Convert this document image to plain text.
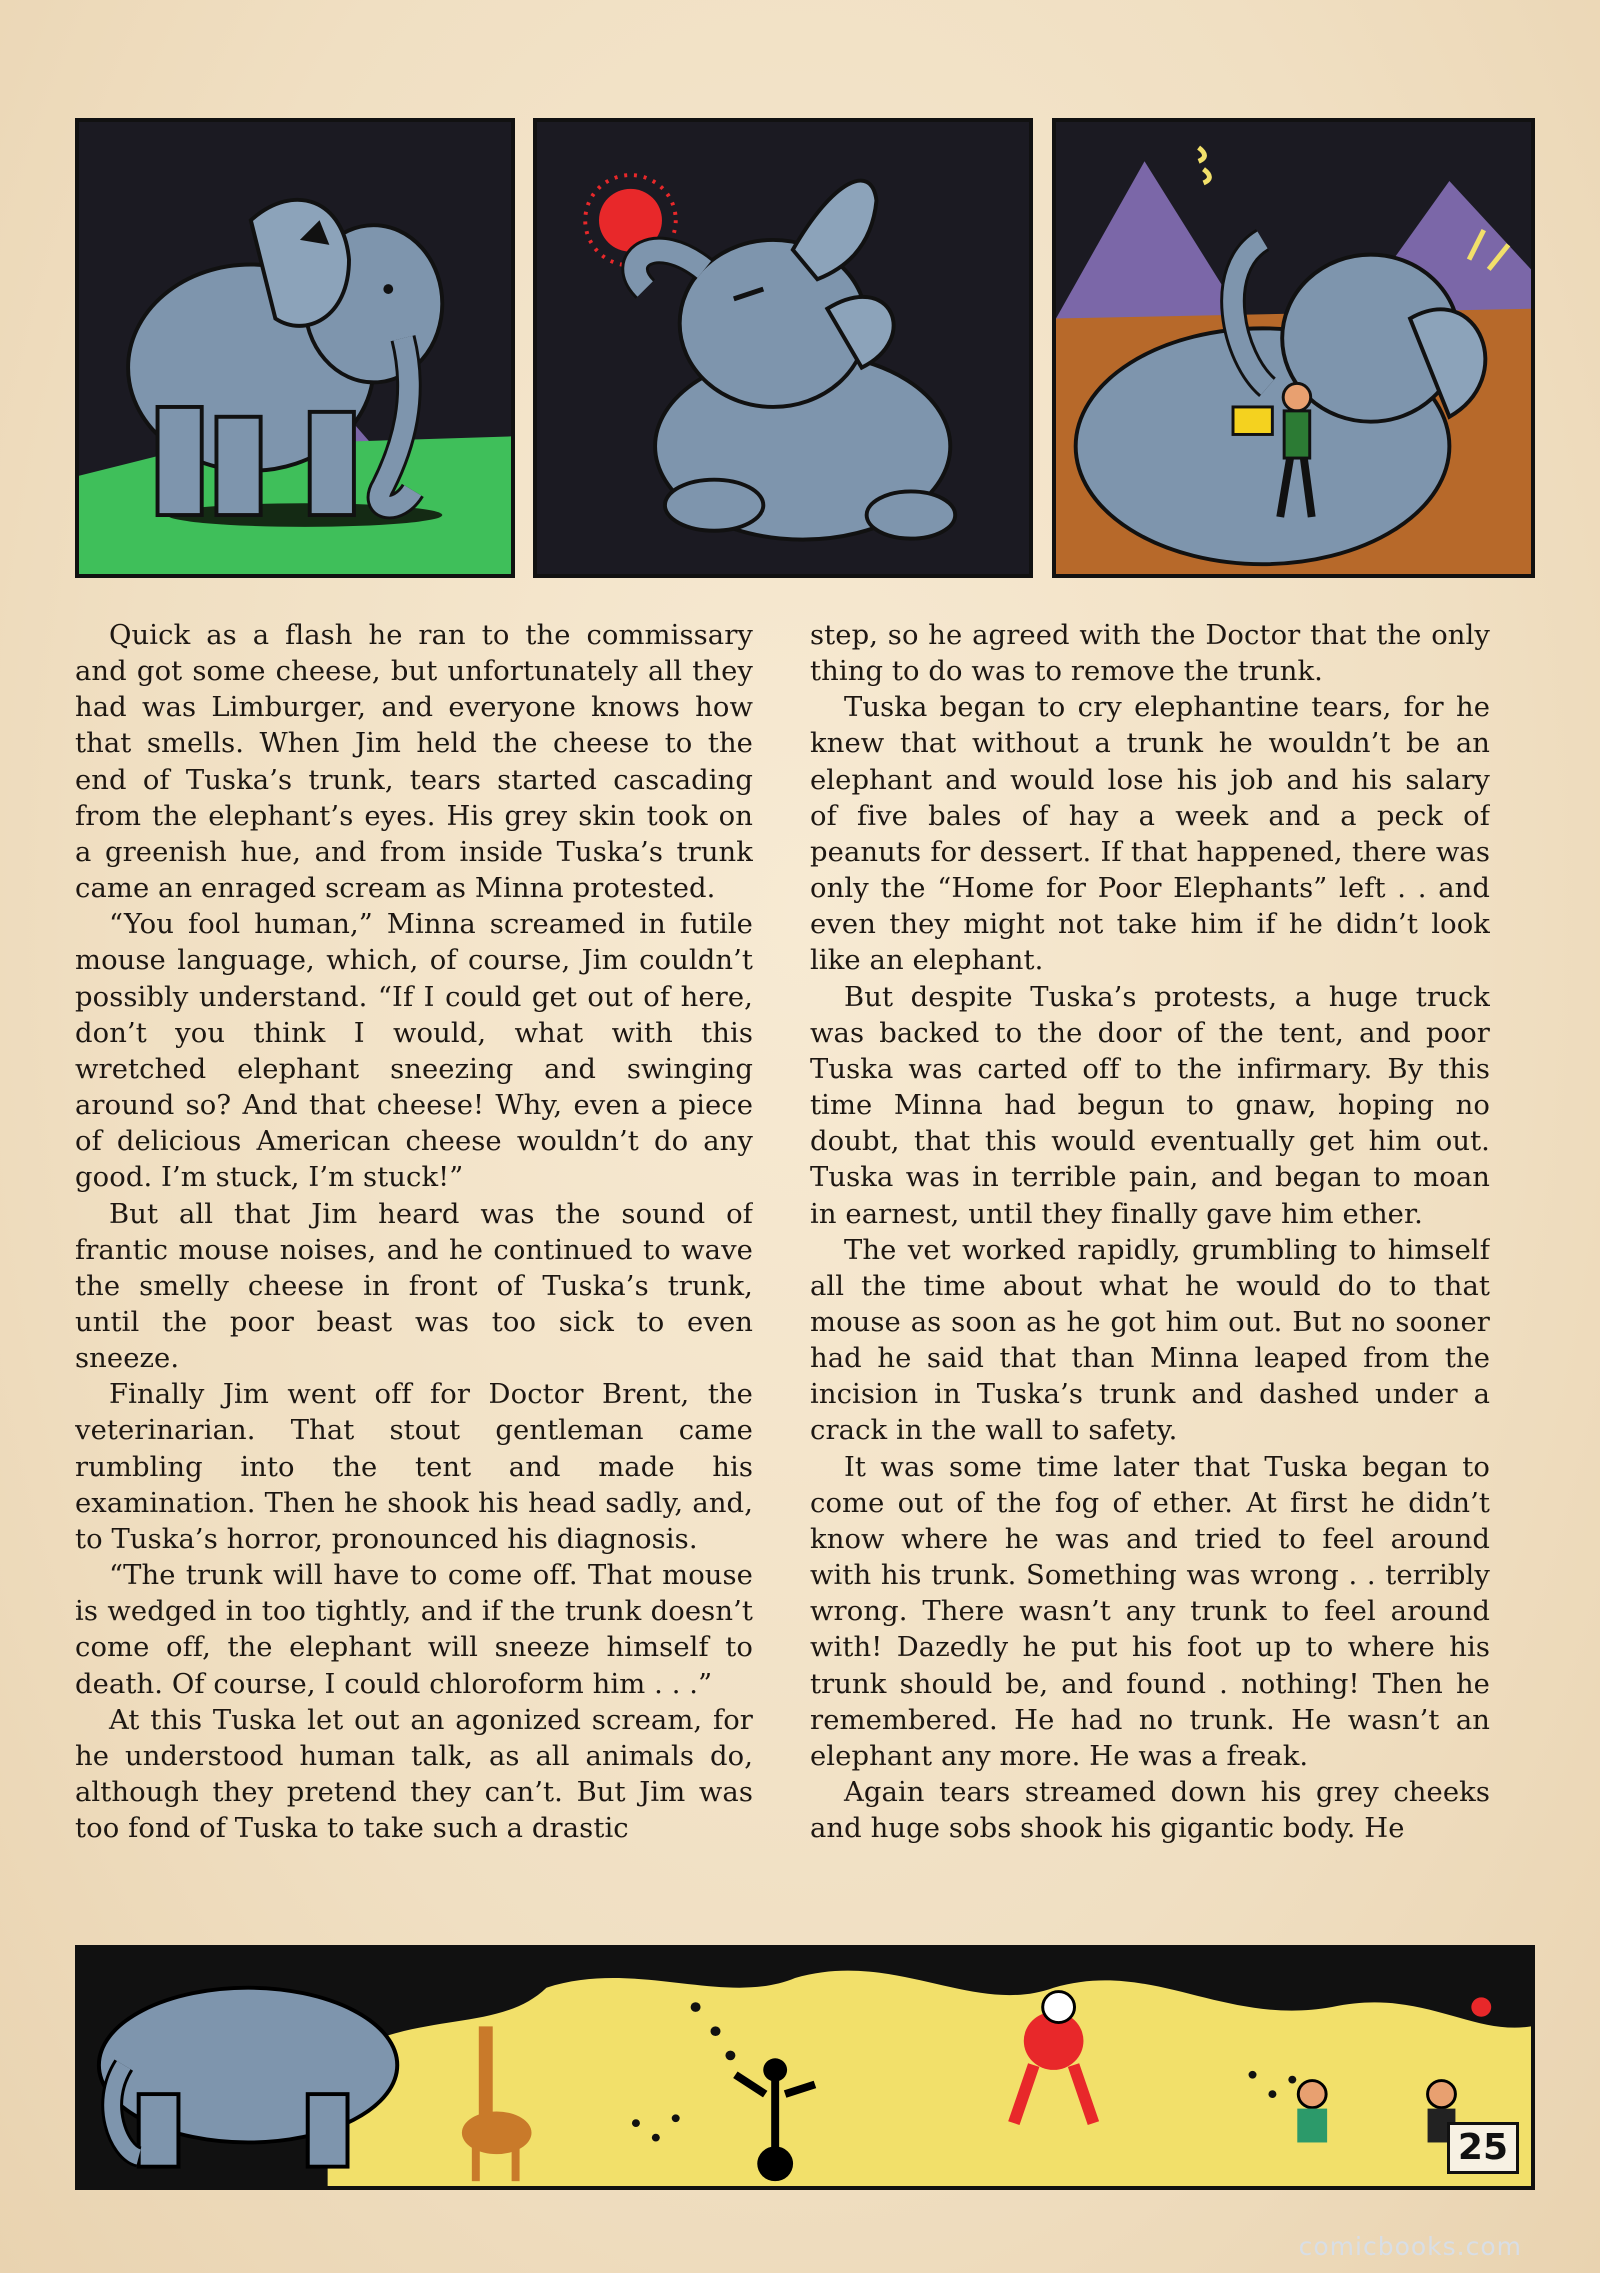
Quick as a flash he ran to the commissary and got some cheese, but unfortunately all they had was Limburger, and everyone knows how that smells. When Jim held the cheese to the end of Tuska’s trunk, tears started cascading from the elephant’s eyes. His grey skin took on a greenish hue, and from inside Tuska’s trunk came an enraged scream as Minna protested.

“You fool human,” Minna screamed in futile mouse language, which, of course, Jim couldn’t possibly understand. “If I could get out of here, don’t you think I would, what with this wretched elephant sneezing and swinging around so? And that cheese! Why, even a piece of delicious American cheese wouldn’t do any good. I’m stuck, I’m stuck!”

But all that Jim heard was the sound of frantic mouse noises, and he continued to wave the smelly cheese in front of Tuska’s trunk, until the poor beast was too sick to even sneeze.

Finally Jim went off for Doctor Brent, the veterinarian. That stout gentleman came rumbling into the tent and made his examination. Then he shook his head sadly, and, to Tuska’s horror, pronounced his diagnosis.

“The trunk will have to come off. That mouse is wedged in too tightly, and if the trunk doesn’t come off, the elephant will sneeze himself to death. Of course, I could chloroform him . . .”

At this Tuska let out an agonized scream, for he understood human talk, as all animals do, although they pretend they can’t. But Jim was too fond of Tuska to take such a drastic

step, so he agreed with the Doctor that the only thing to do was to remove the trunk.

Tuska began to cry elephantine tears, for he knew that without a trunk he wouldn’t be an elephant and would lose his job and his salary of five bales of hay a week and a peck of peanuts for dessert. If that happened, there was only the “Home for Poor Elephants” left . . and even they might not take him if he didn’t look like an elephant.

But despite Tuska’s protests, a huge truck was backed to the door of the tent, and poor Tuska was carted off to the infirmary. By this time Minna had begun to gnaw, hoping no doubt, that this would eventually get him out. Tuska was in terrible pain, and began to moan in earnest, until they finally gave him ether.

The vet worked rapidly, grumbling to himself all the time about what he would do to that mouse as soon as he got him out. But no sooner had he said that than Minna leaped from the incision in Tuska’s trunk and dashed under a crack in the wall to safety.

It was some time later that Tuska began to come out of the fog of ether. At first he didn’t know where he was and tried to feel around with his trunk. Something was wrong . . terribly wrong. There wasn’t any trunk to feel around with! Dazedly he put his foot up to where his trunk should be, and found . nothing! Then he remembered. He had no trunk. He wasn’t an elephant any more. He was a freak.

Again tears streamed down his grey cheeks and huge sobs shook his gigantic body. He

25
comicbooks.com
